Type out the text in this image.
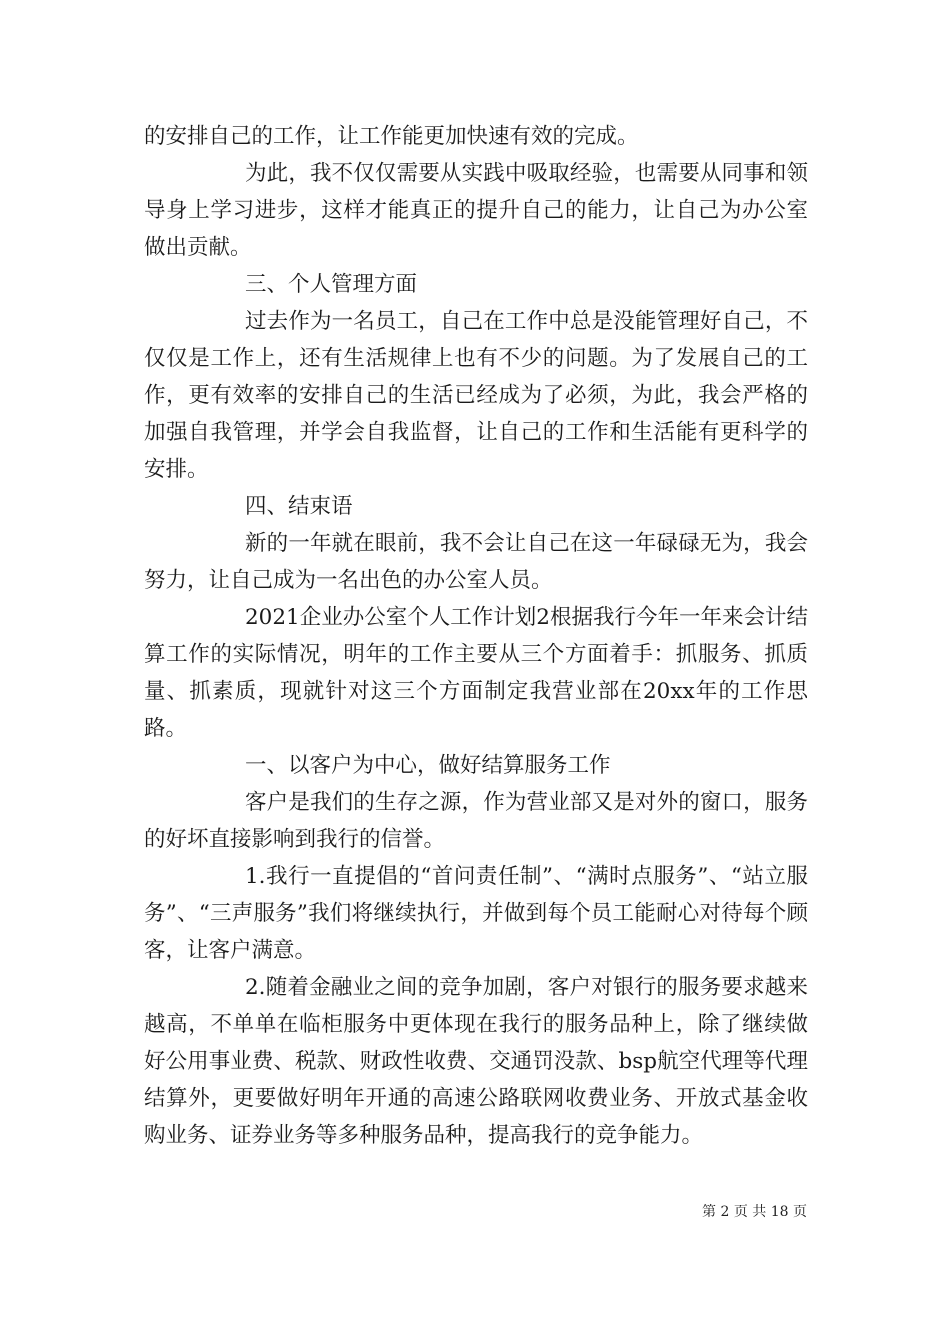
的安排自己的工作，让工作能更加快速有效的完成。

为此，我不仅仅需要从实践中吸取经验，也需要从同事和领导身上学习进步，这样才能真正的提升自己的能力，让自己为办公室做出贡献。

三、个人管理方面

过去作为一名员工，自己在工作中总是没能管理好自己，不仅仅是工作上，还有生活规律上也有不少的问题。为了发展自己的工作，更有效率的安排自己的生活已经成为了必须，为此，我会严格的加强自我管理，并学会自我监督，让自己的工作和生活能有更科学的安排。

四、结束语

新的一年就在眼前，我不会让自己在这一年碌碌无为，我会努力，让自己成为一名出色的办公室人员。

2021企业办公室个人工作计划2根据我行今年一年来会计结算工作的实际情况，明年的工作主要从三个方面着手：抓服务、抓质量、抓素质，现就针对这三个方面制定我营业部在20xx年的工作思路。

一、以客户为中心，做好结算服务工作

客户是我们的生存之源，作为营业部又是对外的窗口，服务的好坏直接影响到我行的信誉。

1.我行一直提倡的“首问责任制”、“满时点服务”、“站立服务”、“三声服务”我们将继续执行，并做到每个员工能耐心对待每个顾客，让客户满意。

2.随着金融业之间的竞争加剧，客户对银行的服务要求越来越高，不单单在临柜服务中更体现在我行的服务品种上，除了继续做好公用事业费、税款、财政性收费、交通罚没款、bsp航空代理等代理结算外，更要做好明年开通的高速公路联网收费业务、开放式基金收购业务、证券业务等多种服务品种，提高我行的竞争能力。

第 2 页 共 18 页
